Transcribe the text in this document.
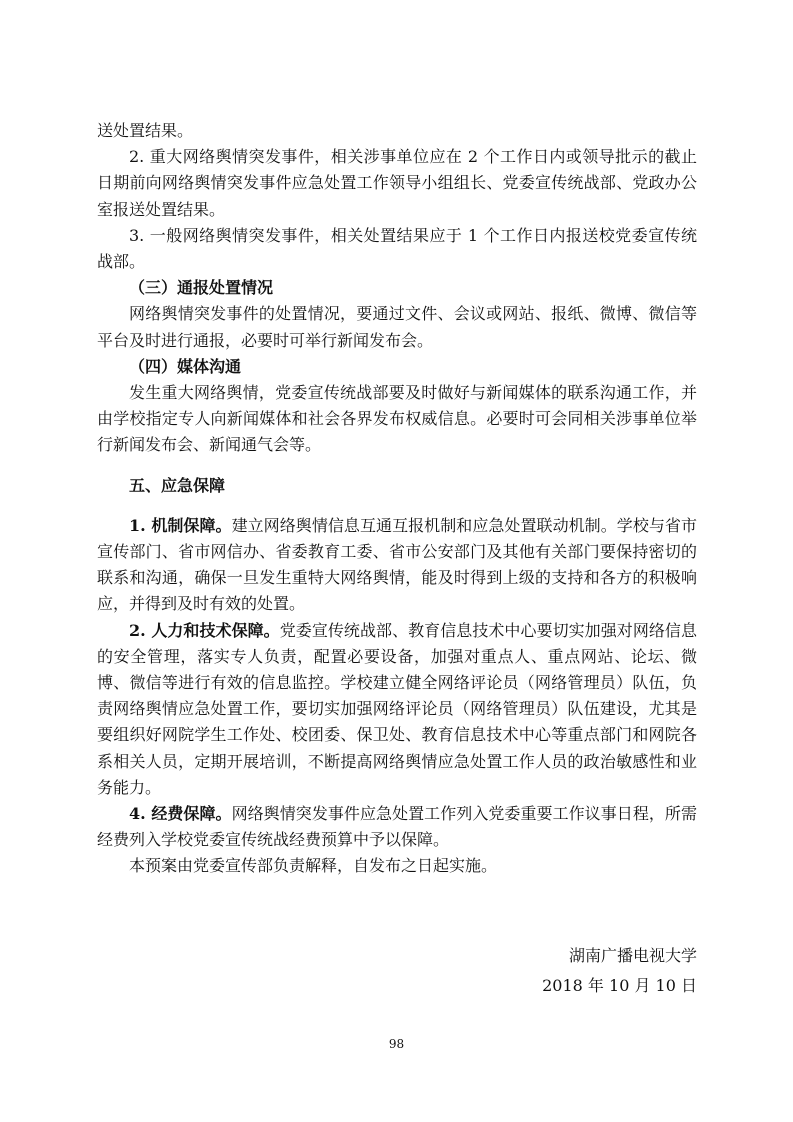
送处置结果。

2. 重大网络舆情突发事件，相关涉事单位应在 2 个工作日内或领导批示的截止日期前向网络舆情突发事件应急处置工作领导小组组长、党委宣传统战部、党政办公室报送处置结果。

3. 一般网络舆情突发事件，相关处置结果应于 1 个工作日内报送校党委宣传统战部。

（三）通报处置情况

网络舆情突发事件的处置情况，要通过文件、会议或网站、报纸、微博、微信等平台及时进行通报，必要时可举行新闻发布会。

（四）媒体沟通

发生重大网络舆情，党委宣传统战部要及时做好与新闻媒体的联系沟通工作，并由学校指定专人向新闻媒体和社会各界发布权威信息。必要时可会同相关涉事单位举行新闻发布会、新闻通气会等。

五、应急保障

1. 机制保障。建立网络舆情信息互通互报机制和应急处置联动机制。学校与省市宣传部门、省市网信办、省委教育工委、省市公安部门及其他有关部门要保持密切的联系和沟通，确保一旦发生重特大网络舆情，能及时得到上级的支持和各方的积极响应，并得到及时有效的处置。

2. 人力和技术保障。党委宣传统战部、教育信息技术中心要切实加强对网络信息的安全管理，落实专人负责，配置必要设备，加强对重点人、重点网站、论坛、微博、微信等进行有效的信息监控。学校建立健全网络评论员（网络管理员）队伍，负责网络舆情应急处置工作，要切实加强网络评论员（网络管理员）队伍建设，尤其是要组织好网院学生工作处、校团委、保卫处、教育信息技术中心等重点部门和网院各系相关人员，定期开展培训，不断提高网络舆情应急处置工作人员的政治敏感性和业务能力。

4. 经费保障。网络舆情突发事件应急处置工作列入党委重要工作议事日程，所需经费列入学校党委宣传统战经费预算中予以保障。

本预案由党委宣传部负责解释，自发布之日起实施。

湖南广播电视大学
2018 年 10 月 10 日
98
